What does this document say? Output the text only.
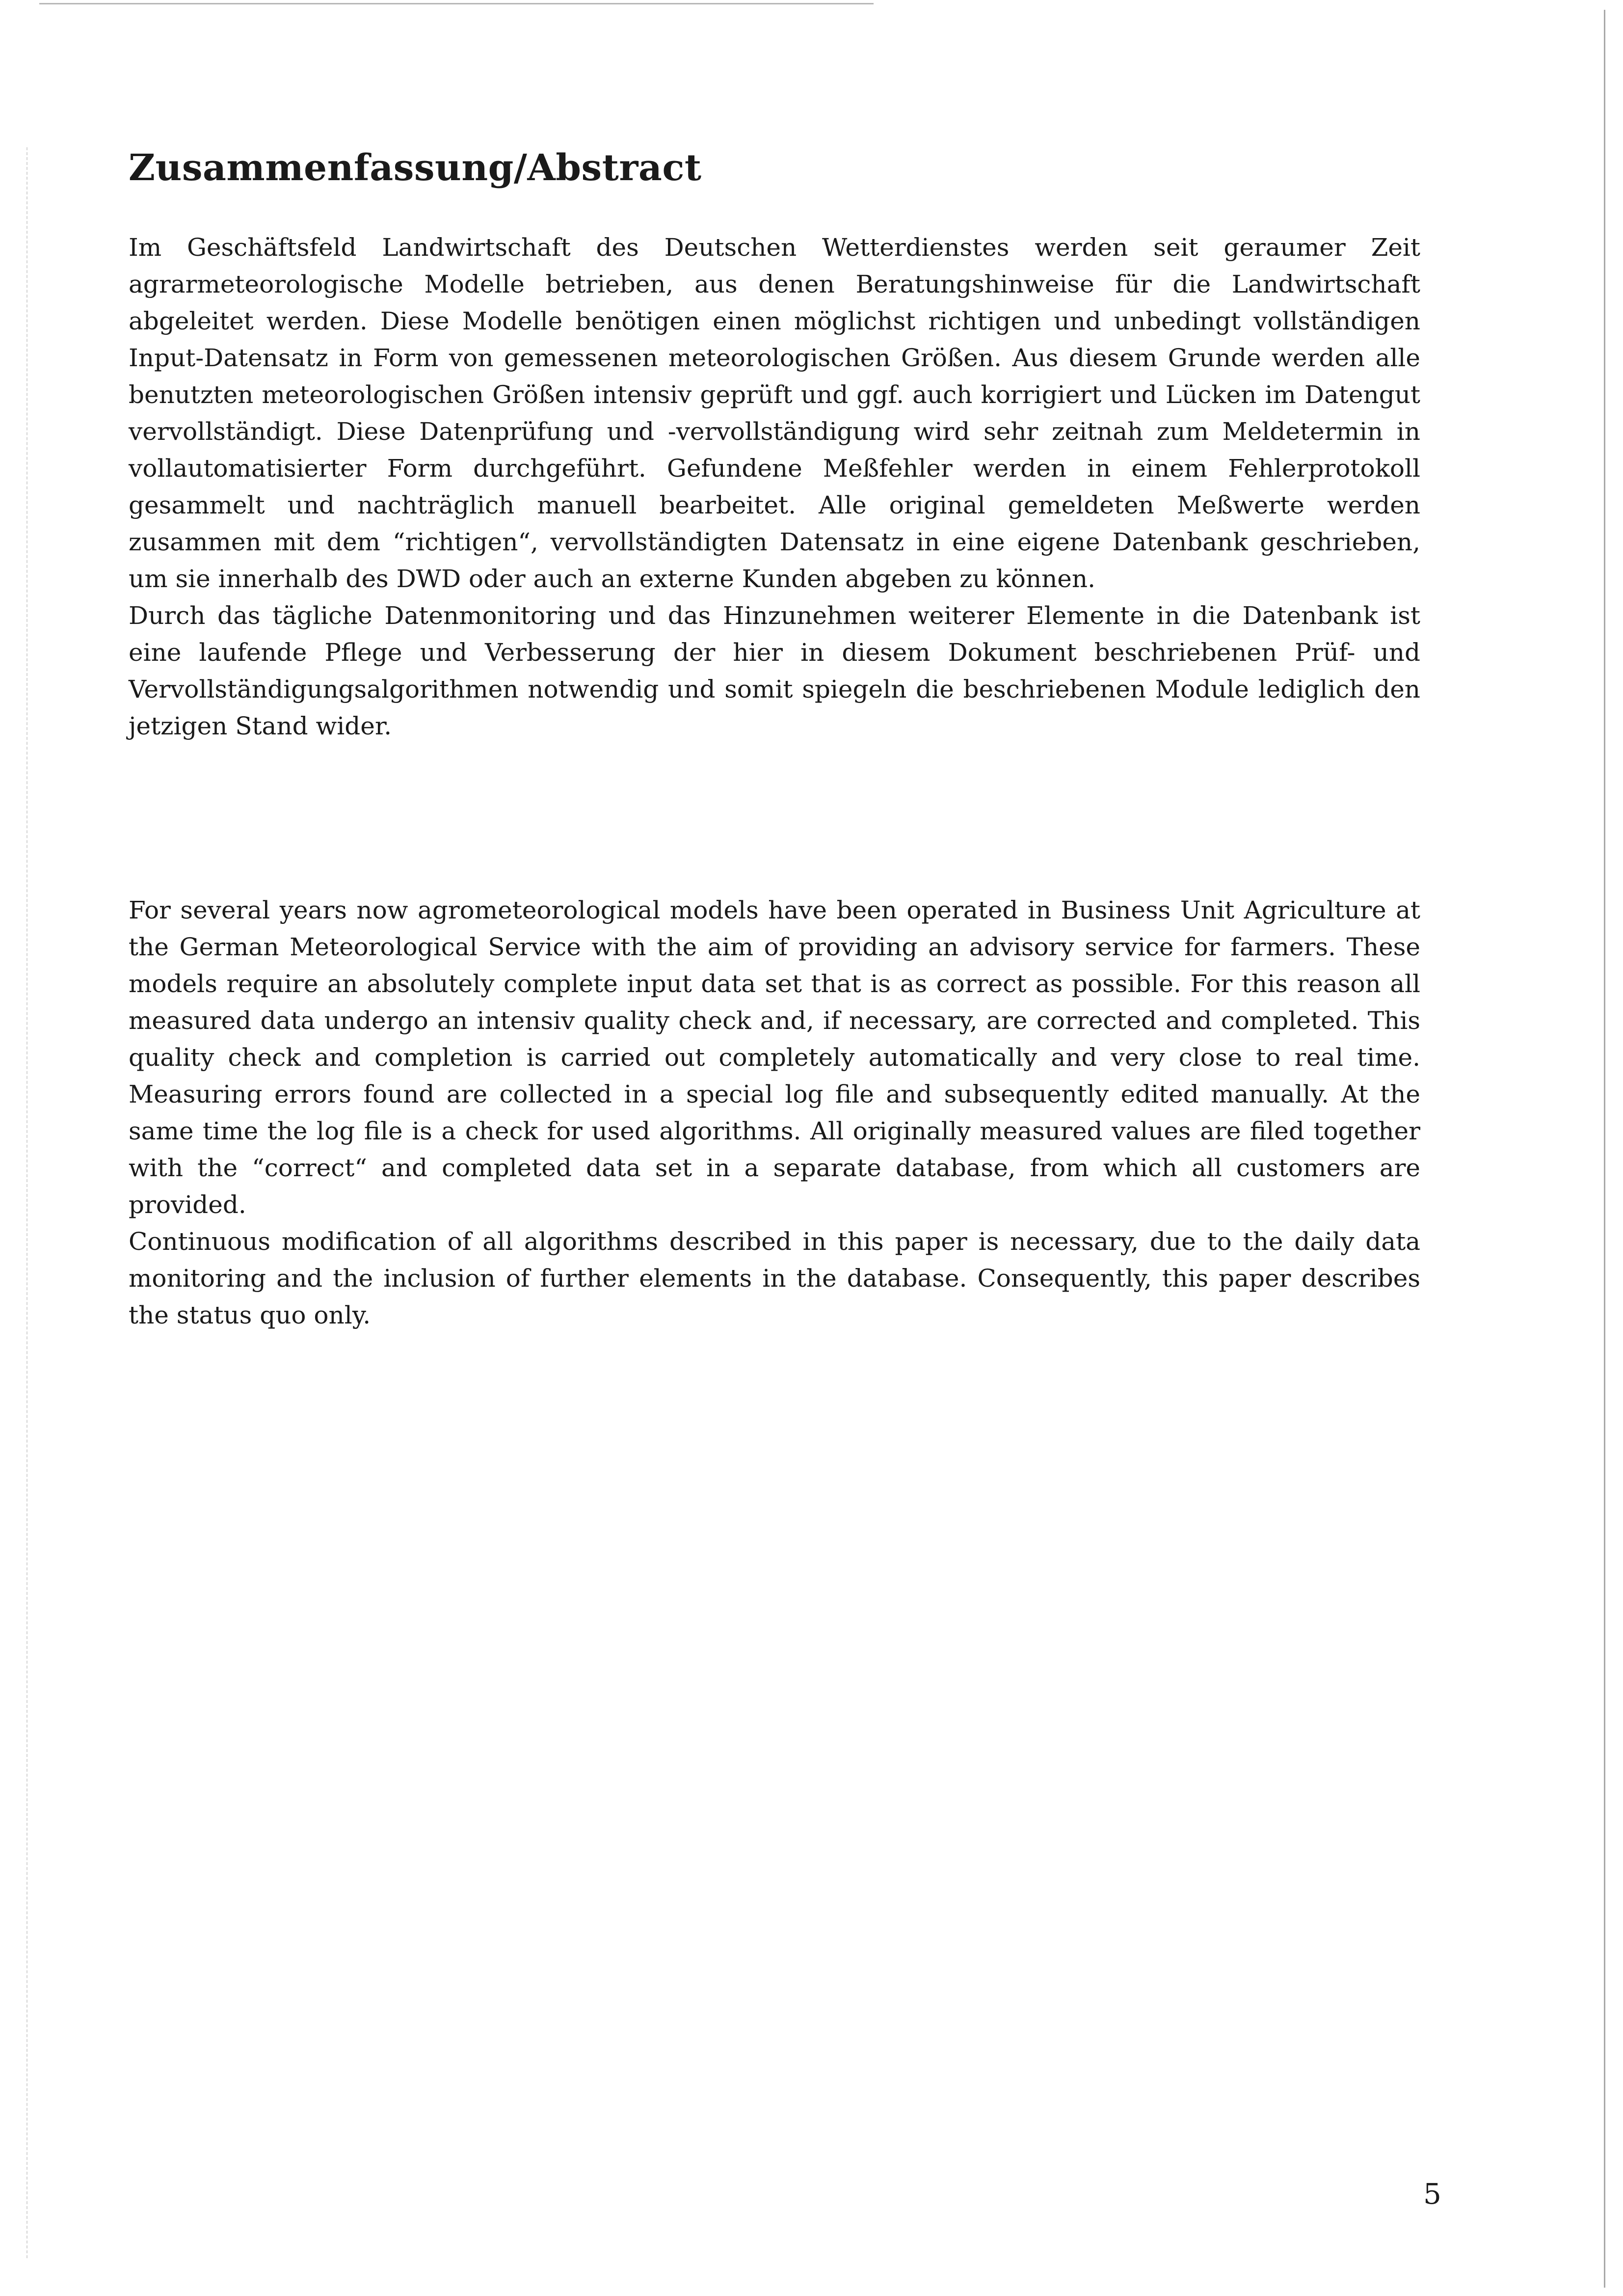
Zusammenfassung/Abstract

Im Geschäftsfeld Landwirtschaft des Deutschen Wetterdienstes werden seit geraumer Zeit agrarmeteorologische Modelle betrieben, aus denen Beratungshinweise für die Landwirtschaft abgeleitet werden. Diese Modelle benötigen einen möglichst richtigen und unbedingt vollständigen Input-Datensatz in Form von gemessenen meteorologischen Größen. Aus diesem Grunde werden alle benutzten meteorologischen Größen intensiv geprüft und ggf. auch korrigiert und Lücken im Datengut vervollständigt. Diese Datenprüfung und -vervollständigung wird sehr zeitnah zum Meldetermin in vollautomatisierter Form durchgeführt. Gefundene Meßfehler werden in einem Fehlerprotokoll gesammelt und nachträglich manuell bearbeitet. Alle original gemeldeten Meßwerte werden zusammen mit dem “richtigen“, vervollständigten Datensatz in eine eigene Datenbank geschrieben, um sie innerhalb des DWD oder auch an externe Kunden abgeben zu können.

Durch das tägliche Datenmonitoring und das Hinzunehmen weiterer Elemente in die Datenbank ist eine laufende Pflege und Verbesserung der hier in diesem Dokument beschriebenen Prüf- und Vervollständigungsalgorithmen notwendig und somit spiegeln die beschriebenen Module lediglich den jetzigen Stand wider.

For several years now agrometeorological models have been operated in Business Unit Agriculture at the German Meteorological Service with the aim of providing an advisory service for farmers. These models require an absolutely complete input data set that is as correct as possible. For this reason all measured data undergo an intensiv quality check and, if necessary, are corrected and completed. This quality check and completion is carried out completely automatically and very close to real time. Measuring errors found are collected in a special log file and subsequently edited manually. At the same time the log file is a check for used algorithms. All originally measured values are filed together with the “correct“ and completed data set in a separate database, from which all customers are provided.

Continuous modification of all algorithms described in this paper is necessary, due to the daily data monitoring and the inclusion of further elements in the database. Consequently, this paper describes the status quo only.

5
